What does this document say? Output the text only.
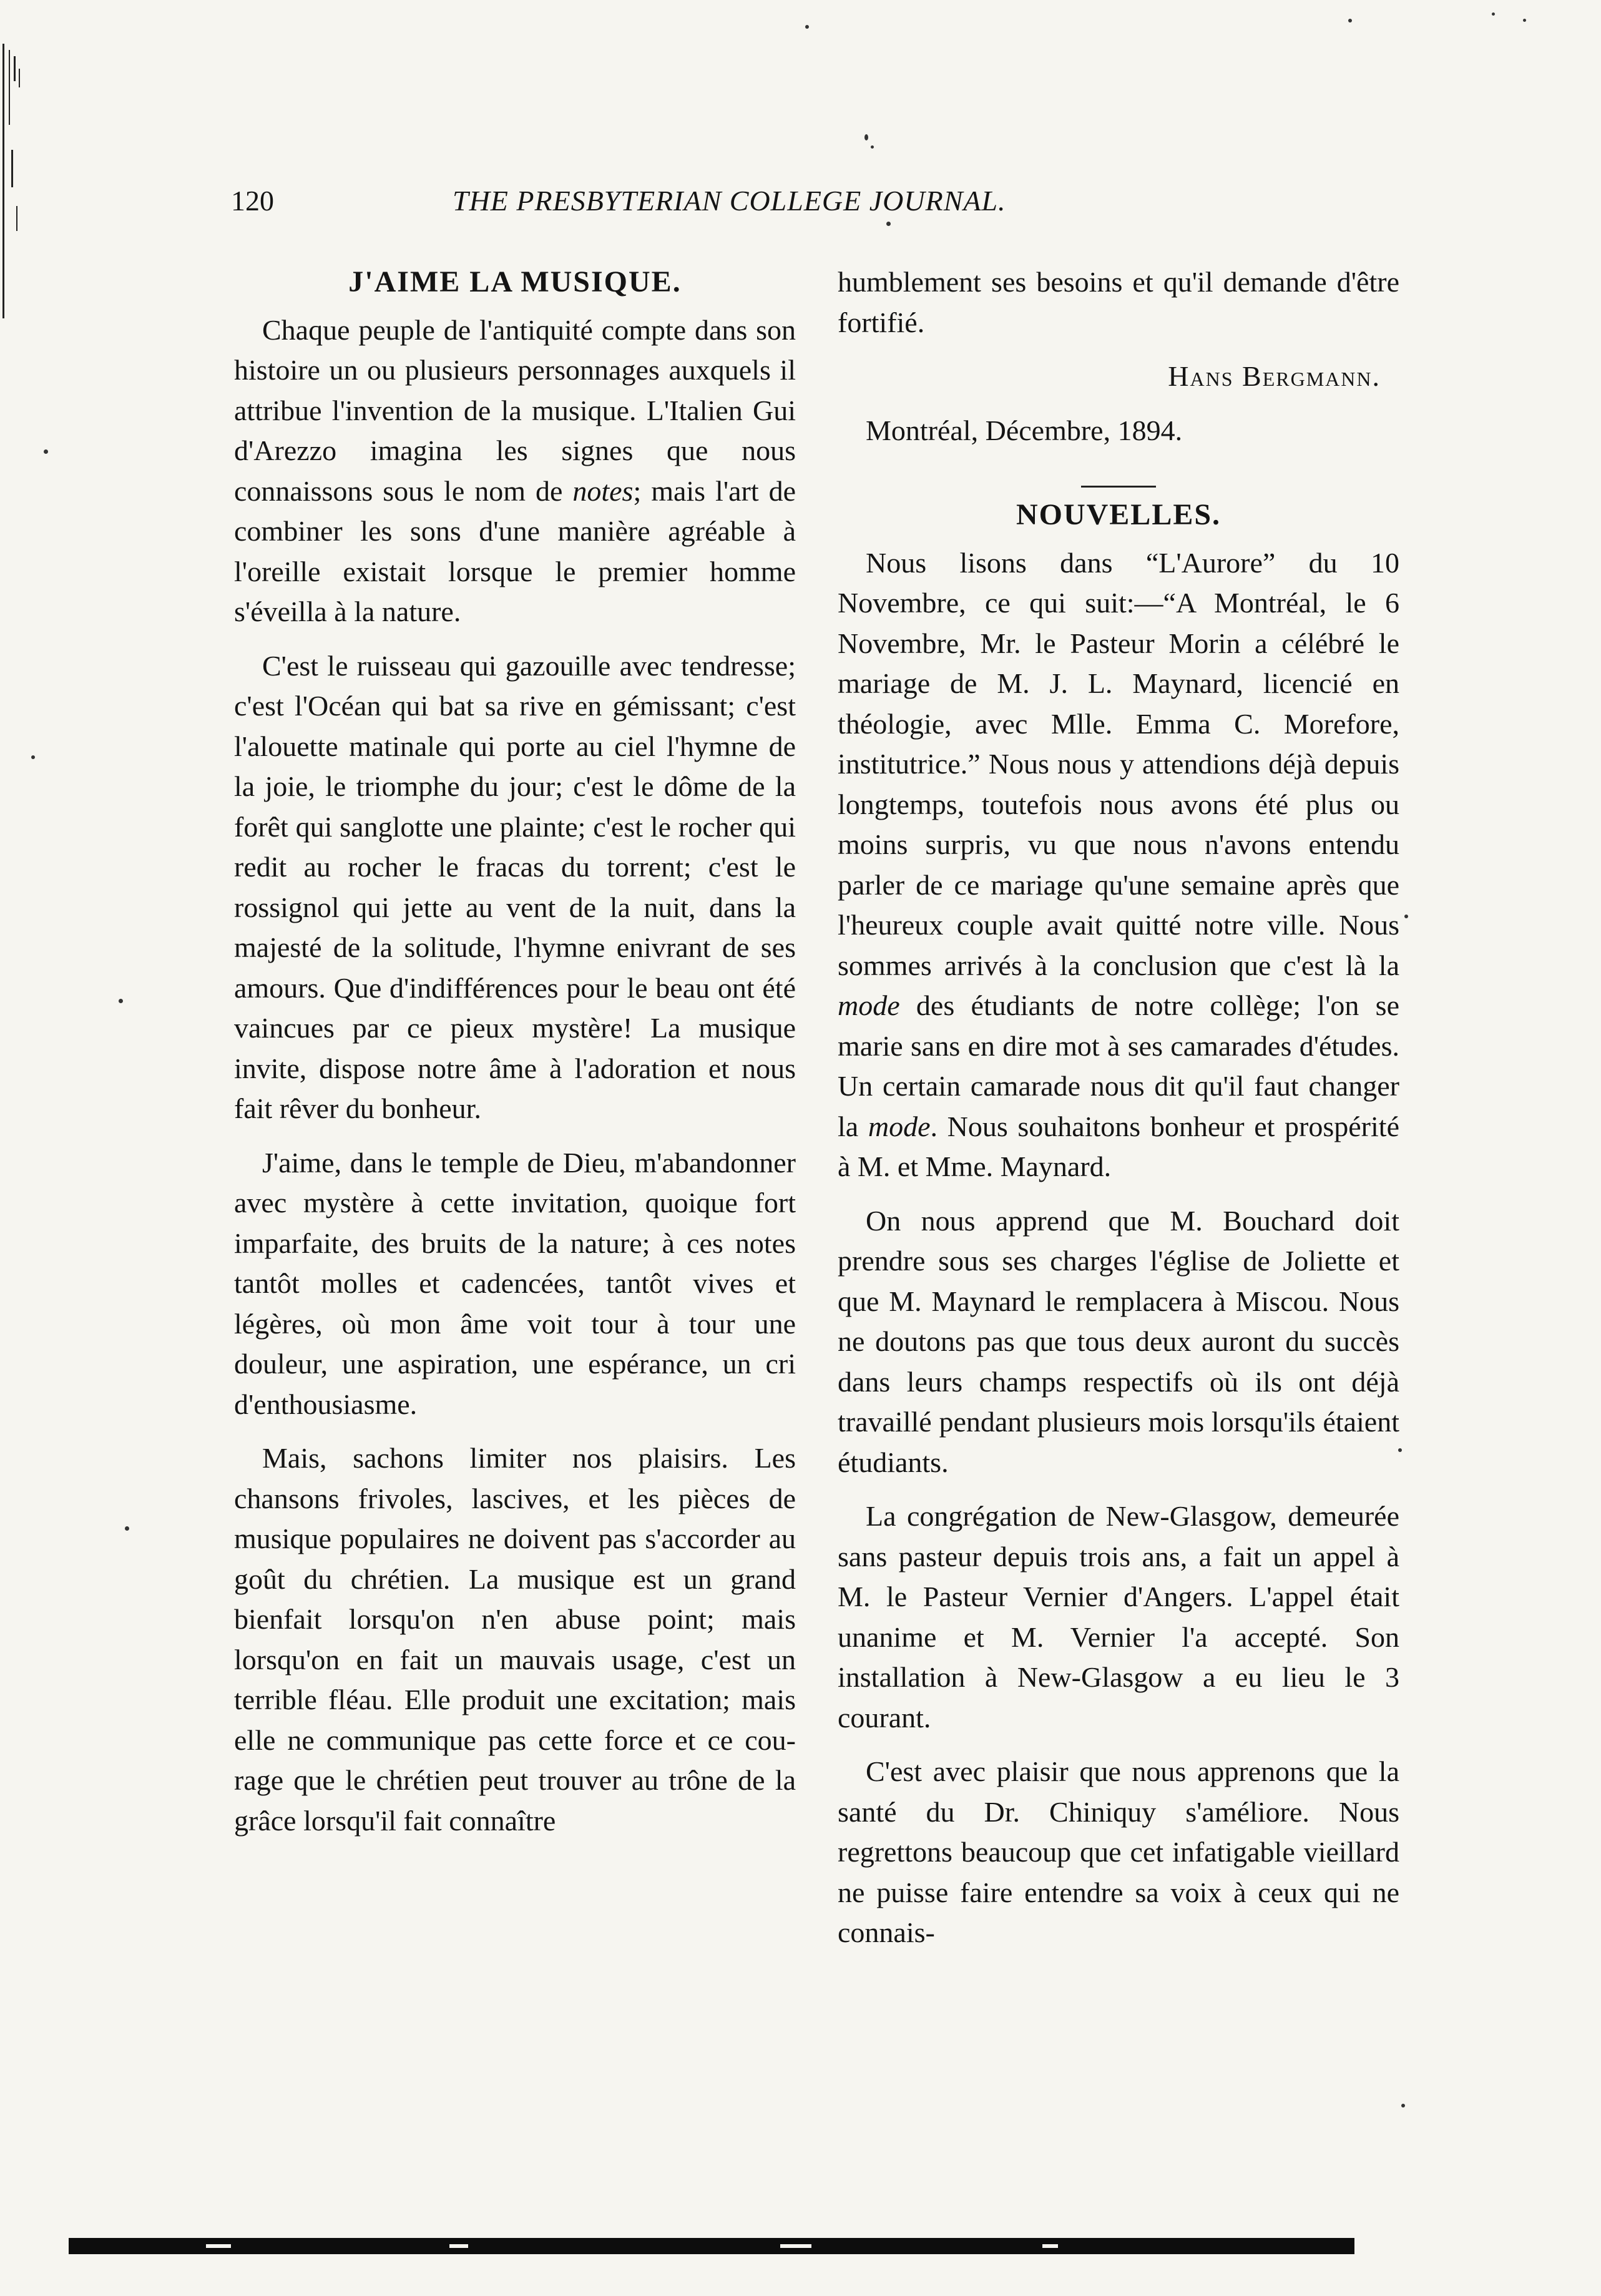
120	THE PRESBYTERIAN COLLEGE JOURNAL.
J'AIME LA MUSIQUE.

Chaque peuple de l'antiquité compte dans son histoire un ou plusieurs personnages auxquels il attribue l'invention de la musique. L'Italien Gui d'Arezzo imagina les signes que nous connaissons sous le nom de notes; mais l'art de combiner les sons d'une manière agréable à l'oreille existait lorsque le premier homme s'éveilla à la nature.

C'est le ruisseau qui gazouille avec tendresse; c'est l'Océan qui bat sa rive en gémissant; c'est l'alouette matinale qui porte au ciel l'hymne de la joie, le triomphe du jour; c'est le dôme de la forêt qui sanglotte une plainte; c'est le rocher qui redit au rocher le fracas du torrent; c'est le rossignol qui jette au vent de la nuit, dans la majesté de la solitude, l'hymne enivrant de ses amours. Que d'indifférences pour le beau ont été vaincues par ce pieux mystère! La musique invite, dispose notre âme à l'adoration et nous fait rêver du bonheur.

J'aime, dans le temple de Dieu, m'abandonner avec mystère à cette invitation, quoique fort imparfaite, des bruits de la nature; à ces notes tantôt molles et cadencées, tantôt vives et légères, où mon âme voit tour à tour une douleur, une aspiration, une espérance, un cri d'enthousiasme.

Mais, sachons limiter nos plaisirs. Les chansons frivoles, lascives, et les pièces de musique populaires ne doivent pas s'accorder au goût du chrétien. La musique est un grand bienfait lorsqu'on n'en abuse point; mais lorsqu'on en fait un mauvais usage, c'est un terrible fléau. Elle produit une excitation; mais elle ne communique pas cette force et ce courage que le chrétien peut trouver au trône de la grâce lorsqu'il fait connaître

humblement ses besoins et qu'il demande d'être fortifié.

Hans Bergmann.

Montréal, Décembre, 1894.

NOUVELLES.

Nous lisons dans “L'Aurore” du 10 Novembre, ce qui suit:—“A Montréal, le 6 Novembre, Mr. le Pasteur Morin a célébré le mariage de M. J. L. Maynard, licencié en théologie, avec Mlle. Emma C. Morefore, institutrice.” Nous nous y attendions déjà depuis longtemps, toutefois nous avons été plus ou moins surpris, vu que nous n'avons entendu parler de ce mariage qu'une semaine après que l'heureux couple avait quitté notre ville. Nous sommes arrivés à la conclusion que c'est là la mode des étudiants de notre collège; l'on se marie sans en dire mot à ses camarades d'études. Un certain camarade nous dit qu'il faut changer la mode. Nous souhaitons bonheur et prospérité à M. et Mme. Maynard.

On nous apprend que M. Bouchard doit prendre sous ses charges l'église de Joliette et que M. Maynard le remplacera à Miscou. Nous ne doutons pas que tous deux auront du succès dans leurs champs respectifs où ils ont déjà travaillé pendant plusieurs mois lorsqu'ils étaient étudiants.

La congrégation de New-Glasgow, demeurée sans pasteur depuis trois ans, a fait un appel à M. le Pasteur Vernier d'Angers. L'appel était unanime et M. Vernier l'a accepté. Son installation à New-Glasgow a eu lieu le 3 courant.

C'est avec plaisir que nous apprenons que la santé du Dr. Chiniquy s'améliore. Nous regrettons beaucoup que cet infatigable vieillard ne puisse faire entendre sa voix à ceux qui ne connais-
